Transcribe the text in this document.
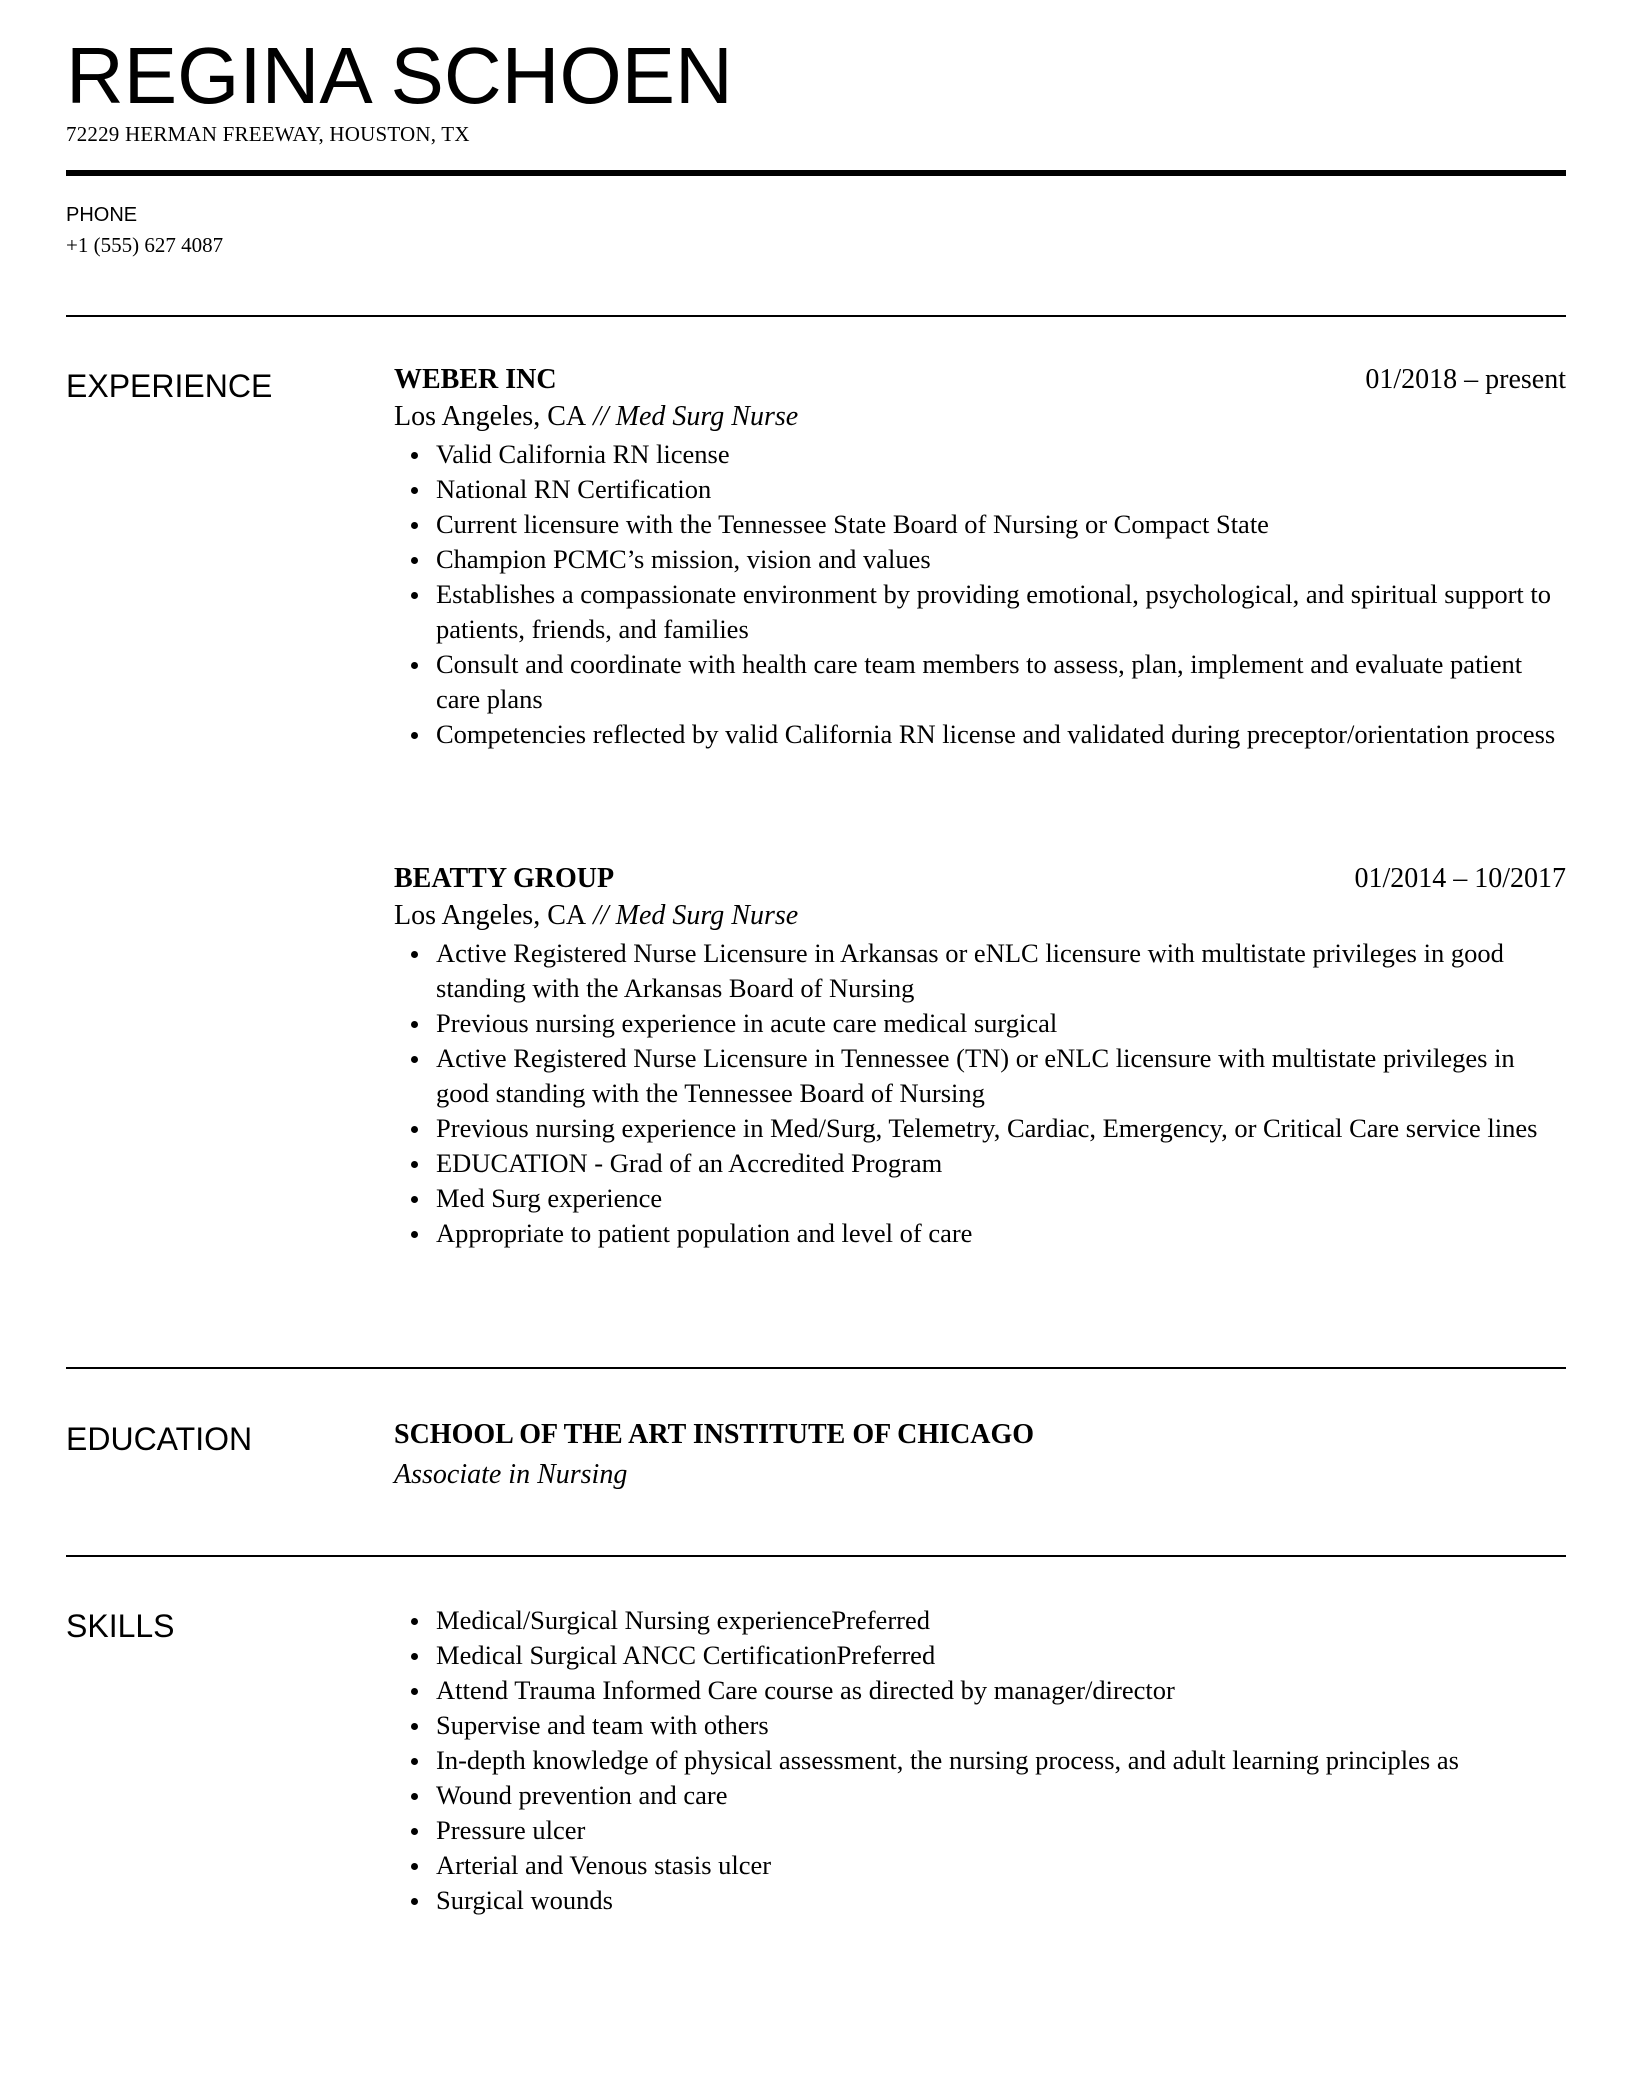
REGINA SCHOEN
72229 HERMAN FREEWAY, HOUSTON, TX
PHONE
+1 (555) 627 4087
EXPERIENCE	WEBER INC	01/2018 – present
Los Angeles, CA // Med Surg Nurse
Valid California RN license
National RN Certification
Current licensure with the Tennessee State Board of Nursing or Compact State
Champion PCMC’s mission, vision and values
Establishes a compassionate environment by providing emotional, psychological, and spiritual support to patients, friends, and families
Consult and coordinate with health care team members to assess, plan, implement and evaluate patient care plans
Competencies reflected by valid California RN license and validated during preceptor/orientation process
BEATTY GROUP	01/2014 – 10/2017
Los Angeles, CA // Med Surg Nurse
Active Registered Nurse Licensure in Arkansas or eNLC licensure with multistate privileges in good standing with the Arkansas Board of Nursing
Previous nursing experience in acute care medical surgical
Active Registered Nurse Licensure in Tennessee (TN) or eNLC licensure with multistate privileges in good standing with the Tennessee Board of Nursing
Previous nursing experience in Med/Surg, Telemetry, Cardiac, Emergency, or Critical Care service lines
EDUCATION - Grad of an Accredited Program
Med Surg experience
Appropriate to patient population and level of care
EDUCATION	SCHOOL OF THE ART INSTITUTE OF CHICAGO
Associate in Nursing
SKILLS	Medical/Surgical Nursing experiencePreferred
Medical Surgical ANCC CertificationPreferred
Attend Trauma Informed Care course as directed by manager/director
Supervise and team with others
In-depth knowledge of physical assessment, the nursing process, and adult learning principles as
Wound prevention and care
Pressure ulcer
Arterial and Venous stasis ulcer
Surgical wounds
